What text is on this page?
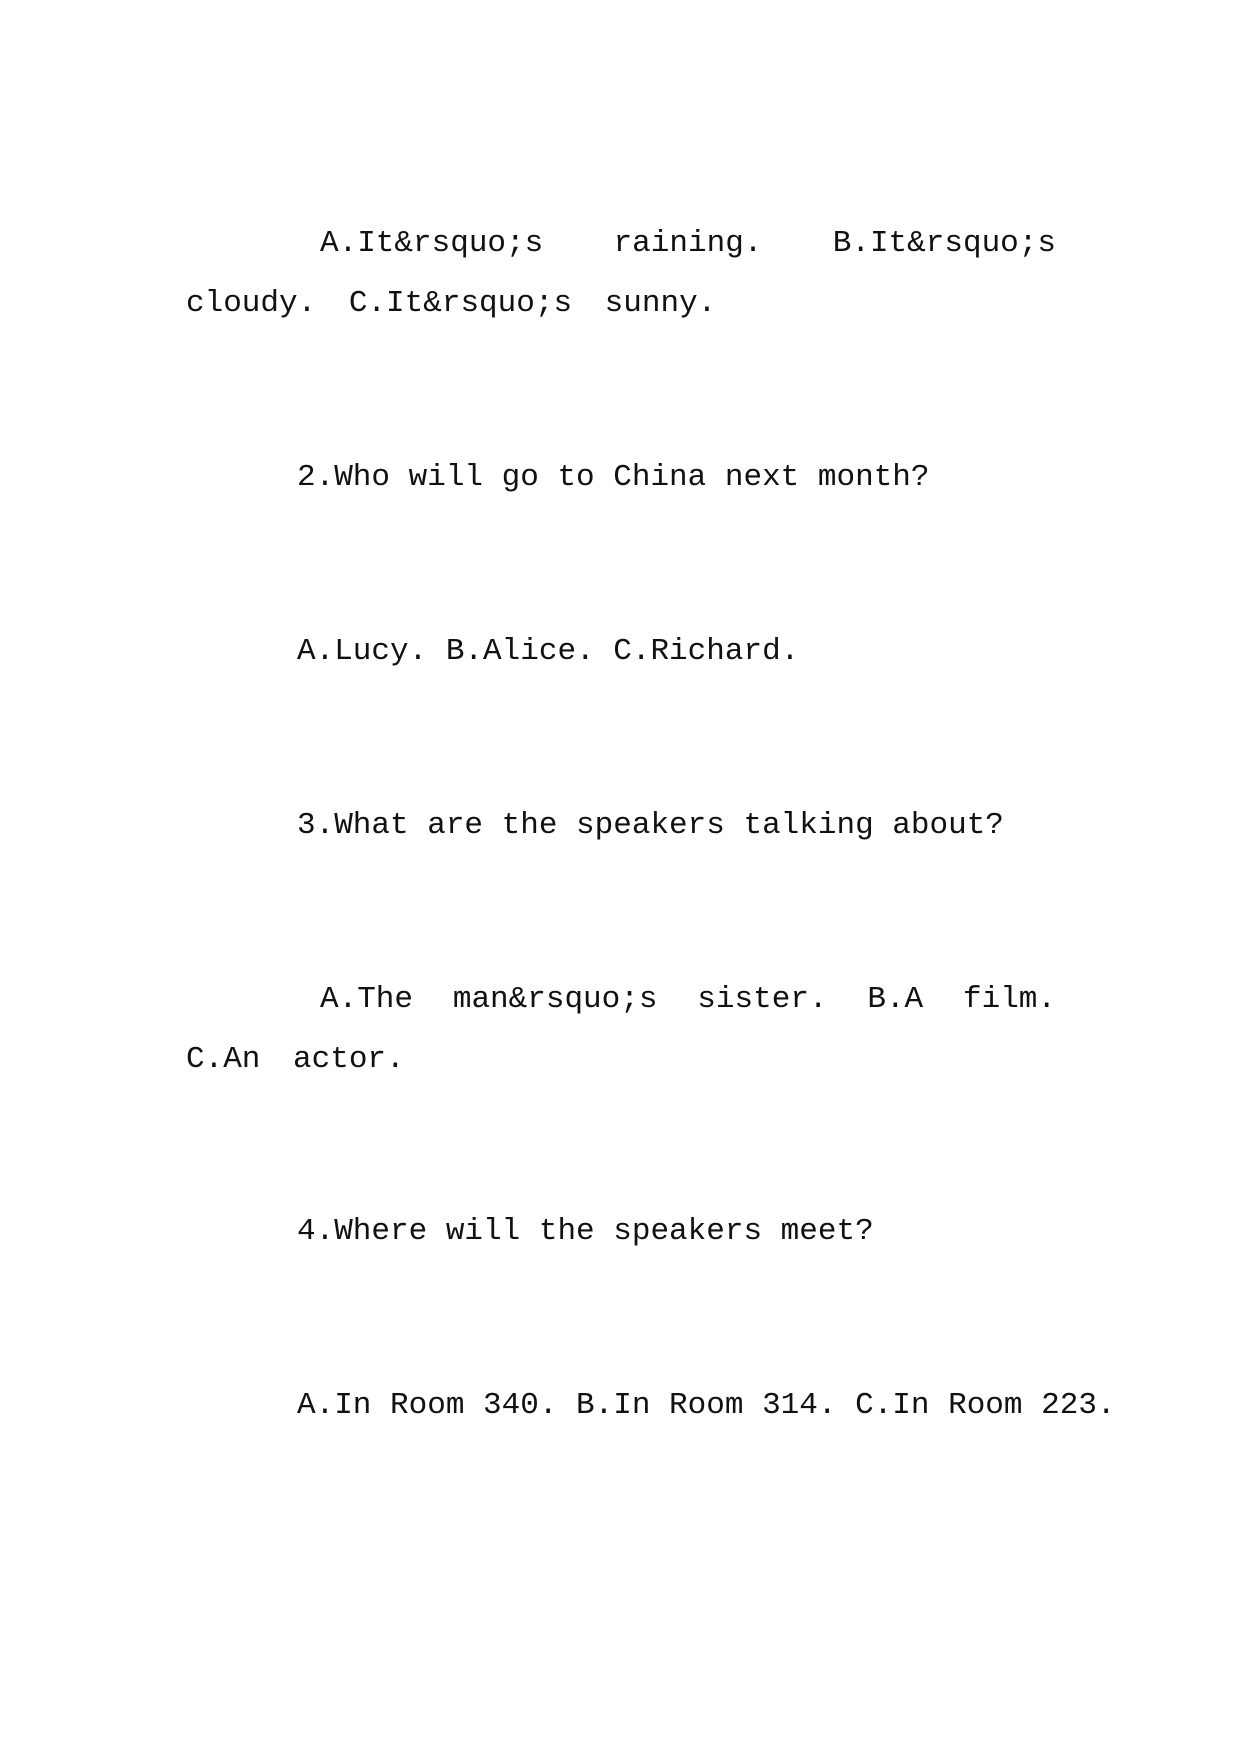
A.It&rsquo;s raining. B.It&rsquo;s cloudy. C.It&rsquo;s sunny.
2.Who will go to China next month?
A.Lucy. B.Alice. C.Richard.
3.What are the speakers talking about?
A.The man&rsquo;s sister. B.A film. C.An actor.
4.Where will the speakers meet?
A.In Room 340. B.In Room 314. C.In Room 223.
